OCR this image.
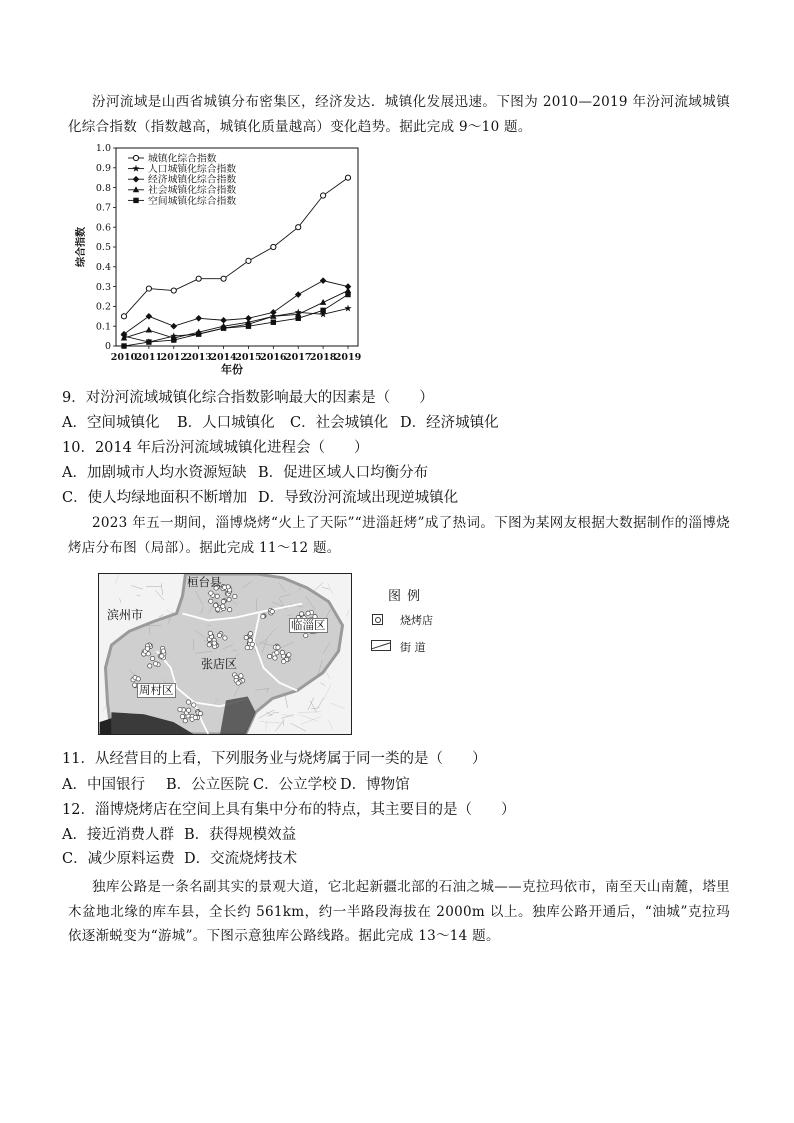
汾河流域是山西省城镇分布密集区，经济发达．城镇化发展迅速。下图为 2010—2019 年汾河流域城镇化综合指数（指数越高，城镇化质量越高）变化趋势。据此完成 9～10 题。
0
0.1
0.2
0.3
0.4
0.5
0.6
0.7
0.8
0.9
1.0
2010
2011
2012
2013
2014
2015
2016
2017
2018
2019
年份
综合指数
城镇化综合指数
人口城镇化综合指数
经济城镇化综合指数
社会城镇化综合指数
空间城镇化综合指数
9．对汾河流域城镇化综合指数影响最大的因素是（　　）
A．空间城镇化 B．人口城镇化 C．社会城镇化 D．经济城镇化
10．2014 年后汾河流域城镇化进程会（　　）
A．加剧城市人均水资源短缺 B．促进区域人口均衡分布
C．使人均绿地面积不断增加 D．导致汾河流域出现逆城镇化
2023 年五一期间，淄博烧烤“火上了天际”“进淄赶烤”成了热词。下图为某网友根据大数据制作的淄博烧烤店分布图（局部）。据此完成 11～12 题。
桓台县
滨州市
临淄区
张店区
周村区
图 例
烧烤店
街 道
11．从经营目的上看，下列服务业与烧烤属于同一类的是（　　）
A．中国银行 B．公立医院 C．公立学校 D．博物馆
12．淄博烧烤店在空间上具有集中分布的特点，其主要目的是（　　）
A．接近消费人群 B．获得规模效益
C．减少原料运费 D．交流烧烤技术
独库公路是一条名副其实的景观大道，它北起新疆北部的石油之城——克拉玛依市，南至天山南麓，塔里木盆地北缘的库车县，全长约 561km，约一半路段海拔在 2000m 以上。独库公路开通后，“油城”克拉玛依逐渐蜕变为“游城”。下图示意独库公路线路。据此完成 13～14 题。
